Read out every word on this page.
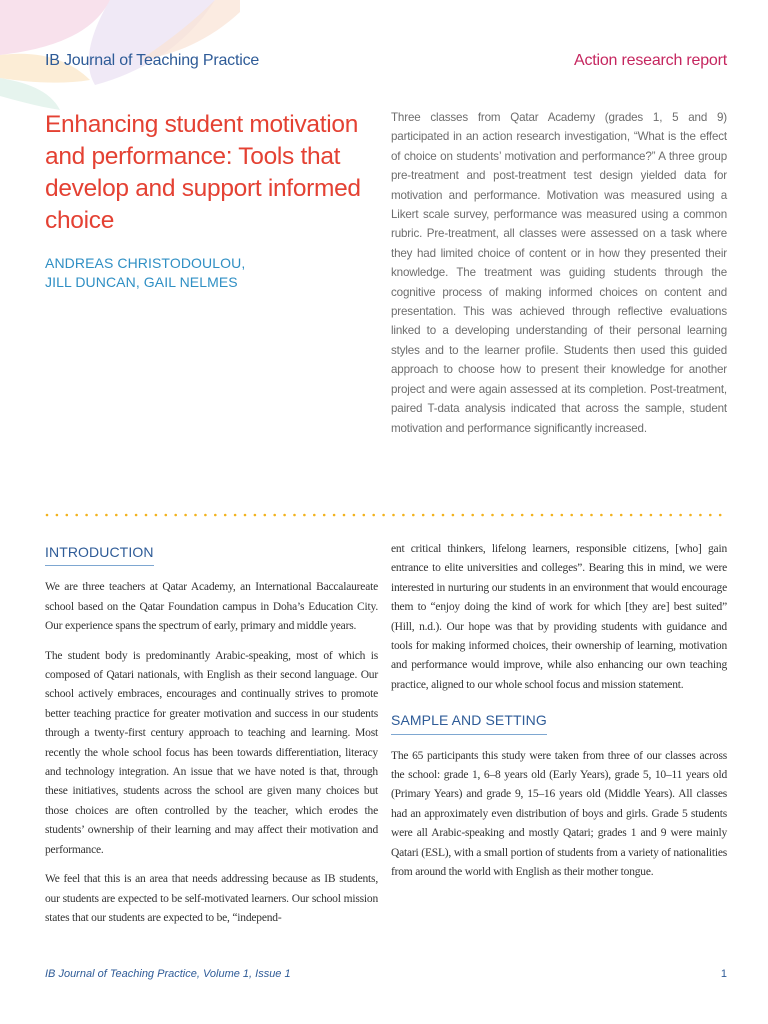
IB Journal of Teaching Practice	Action research report
Enhancing student motivation and performance: Tools that develop and support informed choice
ANDREAS CHRISTODOULOU,
JILL DUNCAN, GAIL NELMES

Three classes from Qatar Academy (grades 1, 5 and 9) participated in an action research investigation, “What is the effect of choice on students’ motivation and performance?” A three group pre-treatment and post-treatment test design yielded data for motivation and performance. Motivation was measured using a Likert scale survey, performance was measured using a common rubric. Pre-treatment, all classes were assessed on a task where they had limited choice of content or in how they presented their knowledge. The treatment was guiding students through the cognitive process of making informed choices on content and presentation. This was achieved through reflective evaluations linked to a developing understanding of their personal learning styles and to the learner profile. Students then used this guided approach to choose how to present their knowledge for another project and were again assessed at its completion. Post-treatment, paired T-data analysis indicated that across the sample, student motivation and performance significantly increased.

INTRODUCTION

We are three teachers at Qatar Academy, an International Baccalaureate school based on the Qatar Foundation campus in Doha’s Education City. Our experience spans the spectrum of early, primary and middle years.

The student body is predominantly Arabic-speaking, most of which is composed of Qatari nationals, with English as their second language. Our school actively embraces, encourages and continually strives to promote better teaching practice for greater motivation and success in our students through a twenty-first century approach to teaching and learning. Most recently the whole school focus has been towards differentiation, literacy and technology integration. An issue that we have noted is that, through these initiatives, students across the school are given many choices but those choices are often controlled by the teacher, which erodes the students’ ownership of their learning and may affect their motivation and performance.

We feel that this is an area that needs addressing because as IB students, our students are expected to be self-motivated learners. Our school mission states that our students are expected to be, “independ-

ent critical thinkers, lifelong learners, responsible citizens, [who] gain entrance to elite universities and colleges”. Bearing this in mind, we were interested in nurturing our students in an environment that would encourage them to “enjoy doing the kind of work for which [they are] best suited” (Hill, n.d.). Our hope was that by providing students with guidance and tools for making informed choices, their ownership of learning, motivation and performance would improve, while also enhancing our own teaching practice, aligned to our whole school focus and mission statement.

SAMPLE AND SETTING

The 65 participants this study were taken from three of our classes across the school: grade 1, 6–8 years old (Early Years), grade 5, 10–11 years old (Primary Years) and grade 9, 15–16 years old (Middle Years). All classes had an approximately even distribution of boys and girls. Grade 5 students were all Arabic-speaking and mostly Qatari; grades 1 and 9 were mainly Qatari (ESL), with a small portion of students from a variety of nationalities from around the world with English as their mother tongue.

IB Journal of Teaching Practice, Volume 1, Issue 1	1
